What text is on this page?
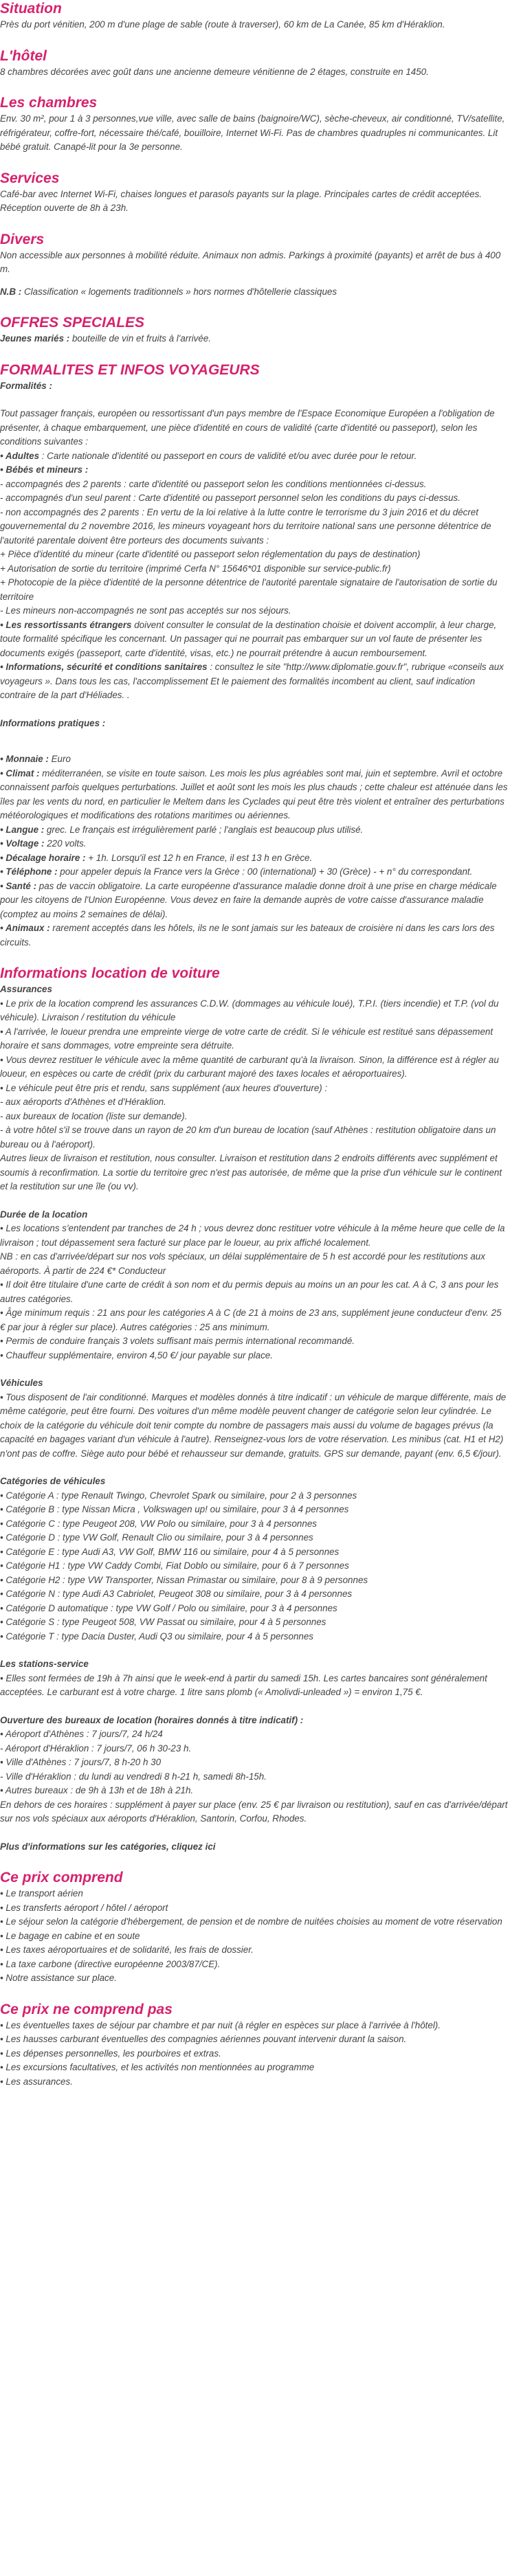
Situation

Près du port vénitien, 200 m d'une plage de sable (route à traverser), 60 km de La Canée, 85 km d'Héraklion.

L'hôtel

8 chambres décorées avec goût dans une ancienne demeure vénitienne de 2 étages, construite en 1450.

Les chambres

Env. 30 m², pour 1 à 3 personnes,vue ville, avec salle de bains (baignoire/WC), sèche-cheveux, air conditionné, TV/satellite, réfrigérateur, coffre-fort, nécessaire thé/café, bouilloire, Internet Wi-Fi. Pas de chambres quadruples ni communicantes. Lit bébé gratuit. Canapé-lit pour la 3e personne.

Services

Café-bar avec Internet Wi-Fi, chaises longues et parasols payants sur la plage. Principales cartes de crédit acceptées. Réception ouverte de 8h à 23h.

Divers

Non accessible aux personnes à mobilité réduite. Animaux non admis. Parkings à proximité (payants) et arrêt de bus à 400 m.

N.B : Classification « logements traditionnels » hors normes d'hôtellerie classiques

OFFRES SPECIALES

Jeunes mariés : bouteille de vin et fruits à l'arrivée.

FORMALITES ET INFOS VOYAGEURS

Formalités :

Tout passager français, européen ou ressortissant d'un pays membre de l'Espace Economique Européen a l'obligation de présenter, à chaque embarquement, une pièce d'identité en cours de validité (carte d'identité ou passeport), selon les conditions suivantes :

• Adultes : Carte nationale d'identité ou passeport en cours de validité et/ou avec durée pour le retour.

• Bébés et mineurs :

- accompagnés des 2 parents : carte d'identité ou passeport selon les conditions mentionnées ci-dessus.

- accompagnés d'un seul parent : Carte d'identité ou passeport personnel selon les conditions du pays ci-dessus.

- non accompagnés des 2 parents : En vertu de la loi relative à la lutte contre le terrorisme du 3 juin 2016 et du décret gouvernemental du 2 novembre 2016, les mineurs voyageant hors du territoire national sans une personne détentrice de l'autorité parentale doivent être porteurs des documents suivants :

+ Pièce d'identité du mineur (carte d'identité ou passeport selon réglementation du pays de destination)

+ Autorisation de sortie du territoire (imprimé Cerfa N° 15646*01 disponible sur service-public.fr)

+ Photocopie de la pièce d'identité de la personne détentrice de l'autorité parentale signataire de l'autorisation de sortie du territoire

- Les mineurs non-accompagnés ne sont pas acceptés sur nos séjours.

• Les ressortissants étrangers doivent consulter le consulat de la destination choisie et doivent accomplir, à leur charge, toute formalité spécifique les concernant. Un passager qui ne pourrait pas embarquer sur un vol faute de présenter les documents exigés (passeport, carte d'identité, visas, etc.) ne pourrait prétendre à aucun remboursement.

• Informations, sécurité et conditions sanitaires : consultez le site "http://www.diplomatie.gouv.fr", rubrique «conseils aux voyageurs ». Dans tous les cas, l'accomplissement Et le paiement des formalités incombent au client, sauf indication contraire de la part d'Héliades. .

Informations pratiques :

• Monnaie : Euro

• Climat : méditerranéen, se visite en toute saison. Les mois les plus agréables sont mai, juin et septembre. Avril et octobre connaissent parfois quelques perturbations. Juillet et août sont les mois les plus chauds ; cette chaleur est atténuée dans les îles par les vents du nord, en particulier le Meltem dans les Cyclades qui peut être très violent et entraîner des perturbations météorologiques et modifications des rotations maritimes ou aériennes.

• Langue : grec. Le français est irrégulièrement parlé ; l'anglais est beaucoup plus utilisé.

• Voltage : 220 volts.

• Décalage horaire : + 1h. Lorsqu'il est 12 h en France, il est 13 h en Grèce.

• Téléphone : pour appeler depuis la France vers la Grèce : 00 (international) + 30 (Grèce) - + n° du correspondant.

• Santé : pas de vaccin obligatoire. La carte européenne d'assurance maladie donne droit à une prise en charge médicale pour les citoyens de l'Union Européenne. Vous devez en faire la demande auprès de votre caisse d'assurance maladie (comptez au moins 2 semaines de délai).

• Animaux : rarement acceptés dans les hôtels, ils ne le sont jamais sur les bateaux de croisière ni dans les cars lors des circuits.

Informations location de voiture

Assurances

• Le prix de la location comprend les assurances C.D.W. (dommages au véhicule loué), T.P.I. (tiers incendie) et T.P. (vol du véhicule). Livraison / restitution du véhicule

• A l'arrivée, le loueur prendra une empreinte vierge de votre carte de crédit. Si le véhicule est restitué sans dépassement horaire et sans dommages, votre empreinte sera détruite.

• Vous devrez restituer le véhicule avec la même quantité de carburant qu'à la livraison. Sinon, la différence est à régler au loueur, en espèces ou carte de crédit (prix du carburant majoré des taxes locales et aéroportuaires).

• Le véhicule peut être pris et rendu, sans supplément (aux heures d'ouverture) :

- aux aéroports d'Athènes et d'Héraklion.

- aux bureaux de location (liste sur demande).

- à votre hôtel s'il se trouve dans un rayon de 20 km d'un bureau de location (sauf Athènes : restitution obligatoire dans un bureau ou à l'aéroport).

Autres lieux de livraison et restitution, nous consulter. Livraison et restitution dans 2 endroits différents avec supplément et soumis à reconfirmation. La sortie du territoire grec n'est pas autorisée, de même que la prise d'un véhicule sur le continent et la restitution sur une île (ou vv).

Durée de la location

• Les locations s'entendent par tranches de 24 h ; vous devrez donc restituer votre véhicule à la même heure que celle de la livraison ; tout dépassement sera facturé sur place par le loueur, au prix affiché localement.

NB : en cas d'arrivée/départ sur nos vols spéciaux, un délai supplémentaire de 5 h est accordé pour les restitutions aux aéroports. À partir de 224 €* Conducteur

• Il doit être titulaire d'une carte de crédit à son nom et du permis depuis au moins un an pour les cat. A à C, 3 ans pour les autres catégories.

• Âge minimum requis : 21 ans pour les catégories A à C (de 21 à moins de 23 ans, supplément jeune conducteur d'env. 25 € par jour à régler sur place). Autres catégories : 25 ans minimum.

• Permis de conduire français 3 volets suffisant mais permis international recommandé.

• Chauffeur supplémentaire, environ 4,50 €/ jour payable sur place.

Véhicules

• Tous disposent de l'air conditionné. Marques et modèles donnés à titre indicatif : un véhicule de marque différente, mais de même catégorie, peut être fourni. Des voitures d'un même modèle peuvent changer de catégorie selon leur cylindrée. Le choix de la catégorie du véhicule doit tenir compte du nombre de passagers mais aussi du volume de bagages prévus (la capacité en bagages variant d'un véhicule à l'autre). Renseignez-vous lors de votre réservation. Les minibus (cat. H1 et H2) n'ont pas de coffre. Siège auto pour bébé et rehausseur sur demande, gratuits. GPS sur demande, payant (env. 6,5 €/jour).

Catégories de véhicules

• Catégorie A : type Renault Twingo, Chevrolet Spark ou similaire, pour 2 à 3 personnes

• Catégorie B : type Nissan Micra , Volkswagen up! ou similaire, pour 3 à 4 personnes

• Catégorie C : type Peugeot 208, VW Polo ou similaire, pour 3 à 4 personnes

• Catégorie D : type VW Golf, Renault Clio ou similaire, pour 3 à 4 personnes

• Catégorie E : type Audi A3, VW Golf, BMW 116 ou similaire, pour 4 à 5 personnes

• Catégorie H1 : type VW Caddy Combi, Fiat Doblo ou similaire, pour 6 à 7 personnes

• Catégorie H2 : type VW Transporter, Nissan Primastar ou similaire, pour 8 à 9 personnes

• Catégorie N : type Audi A3 Cabriolet, Peugeot 308 ou similaire, pour 3 à 4 personnes

• Catégorie D automatique : type VW Golf / Polo ou similaire, pour 3 à 4 personnes

• Catégorie S : type Peugeot 508, VW Passat ou similaire, pour 4 à 5 personnes

• Catégorie T : type Dacia Duster, Audi Q3 ou similaire, pour 4 à 5 personnes

Les stations-service

• Elles sont fermées de 19h à 7h ainsi que le week-end à partir du samedi 15h. Les cartes bancaires sont généralement acceptées. Le carburant est à votre charge. 1 litre sans plomb (« Amolivdi-unleaded ») = environ 1,75 €.

Ouverture des bureaux de location (horaires donnés à titre indicatif) :

• Aéroport d'Athènes : 7 jours/7, 24 h/24

- Aéroport d'Héraklion : 7 jours/7, 06 h 30-23 h.

• Ville d'Athènes : 7 jours/7, 8 h-20 h 30

- Ville d'Héraklion : du lundi au vendredi 8 h-21 h, samedi 8h-15h.

• Autres bureaux : de 9h à 13h et de 18h à 21h.

En dehors de ces horaires : supplément à payer sur place (env. 25 € par livraison ou restitution), sauf en cas d'arrivée/départ sur nos vols spéciaux aux aéroports d'Héraklion, Santorin, Corfou, Rhodes.

Plus d'informations sur les catégories, cliquez ici

Ce prix comprend

• Le transport aérien

• Les transferts aéroport / hôtel / aéroport

• Le séjour selon la catégorie d'hébergement, de pension et de nombre de nuitées choisies au moment de votre réservation

• Le bagage en cabine et en soute

• Les taxes aéroportuaires et de solidarité, les frais de dossier.

• La taxe carbone (directive européenne 2003/87/CE).

• Notre assistance sur place.

Ce prix ne comprend pas

• Les éventuelles taxes de séjour par chambre et par nuit (à régler en espèces sur place à l'arrivée à l'hôtel).

• Les hausses carburant éventuelles des compagnies aériennes pouvant intervenir durant la saison.

• Les dépenses personnelles, les pourboires et extras.

• Les excursions facultatives, et les activités non mentionnées au programme

• Les assurances.
